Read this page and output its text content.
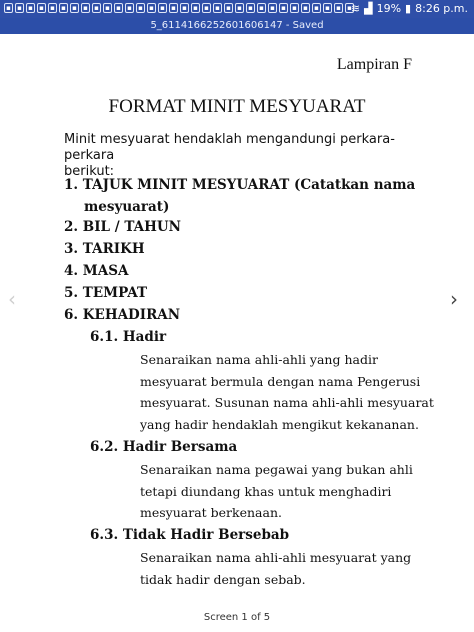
▪ ▪ ▪ ▪ ▪ ▪ ▪ ▪ ▪ ▪ ▪ ▪ ▪ ▪ ▪ ▪ ▪ ▪ ▪ ▪ ▪ ▪ ▪ ▪ ▪ ▪ ▪ ▪ ▪ ▪ ▪ ▪ ≋ ▟ 19% ▮ 8:26 p.m.
5_6114166252601606147 - Saved
Lampiran F
FORMAT MINIT MESYUARAT
Minit mesyuarat hendaklah mengandungi perkara-perkara
berikut:
1. TAJUK MINIT MESYUARAT (Catatkan nama
mesyuarat)
2. BIL / TAHUN
3. TARIKH
4. MASA
5. TEMPAT
6. KEHADIRAN
6.1. Hadir
Senaraikan nama ahli-ahli yang hadir
mesyuarat bermula dengan nama Pengerusi
mesyuarat. Susunan nama ahli-ahli mesyuarat
yang hadir hendaklah mengikut kekananan.
6.2. Hadir Bersama
Senaraikan nama pegawai yang bukan ahli
tetapi diundang khas untuk menghadiri
mesyuarat berkenaan.
6.3. Tidak Hadir Bersebab
Senaraikan nama ahli-ahli mesyuarat yang
tidak hadir dengan sebab.
‹	›
Screen 1 of 5
